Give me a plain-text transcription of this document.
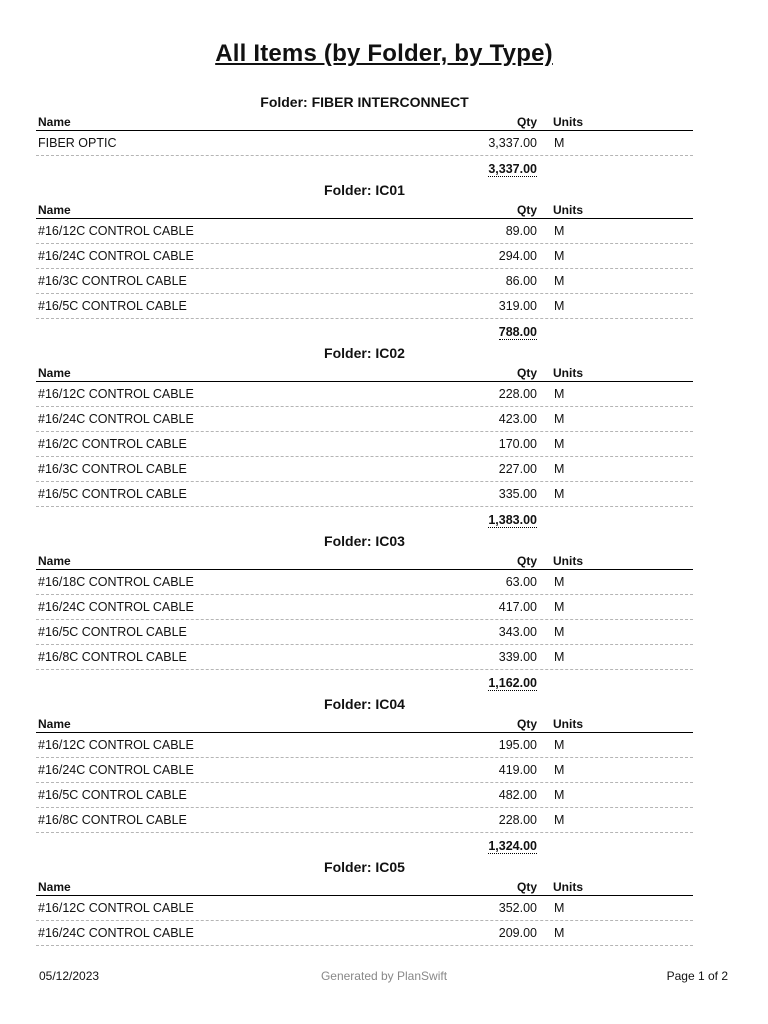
All Items (by Folder, by Type)
Folder: FIBER INTERCONNECT
Name	Qty Units
FIBER OPTIC	3,337.00 M
3,337.00
Folder: IC01
Name	Qty Units
#16/12C CONTROL CABLE	89.00 M
#16/24C CONTROL CABLE	294.00 M
#16/3C CONTROL CABLE	86.00 M
#16/5C CONTROL CABLE	319.00 M
788.00
Folder: IC02
Name	Qty Units
#16/12C CONTROL CABLE	228.00 M
#16/24C CONTROL CABLE	423.00 M
#16/2C CONTROL CABLE	170.00 M
#16/3C CONTROL CABLE	227.00 M
#16/5C CONTROL CABLE	335.00 M
1,383.00
Folder: IC03
Name	Qty Units
#16/18C CONTROL CABLE	63.00 M
#16/24C CONTROL CABLE	417.00 M
#16/5C CONTROL CABLE	343.00 M
#16/8C CONTROL CABLE	339.00 M
1,162.00
Folder: IC04
Name	Qty Units
#16/12C CONTROL CABLE	195.00 M
#16/24C CONTROL CABLE	419.00 M
#16/5C CONTROL CABLE	482.00 M
#16/8C CONTROL CABLE	228.00 M
1,324.00
Folder: IC05
Name	Qty Units
#16/12C CONTROL CABLE	352.00 M
#16/24C CONTROL CABLE	209.00 M
05/12/2023	Generated by PlanSwift	Page 1 of 2
